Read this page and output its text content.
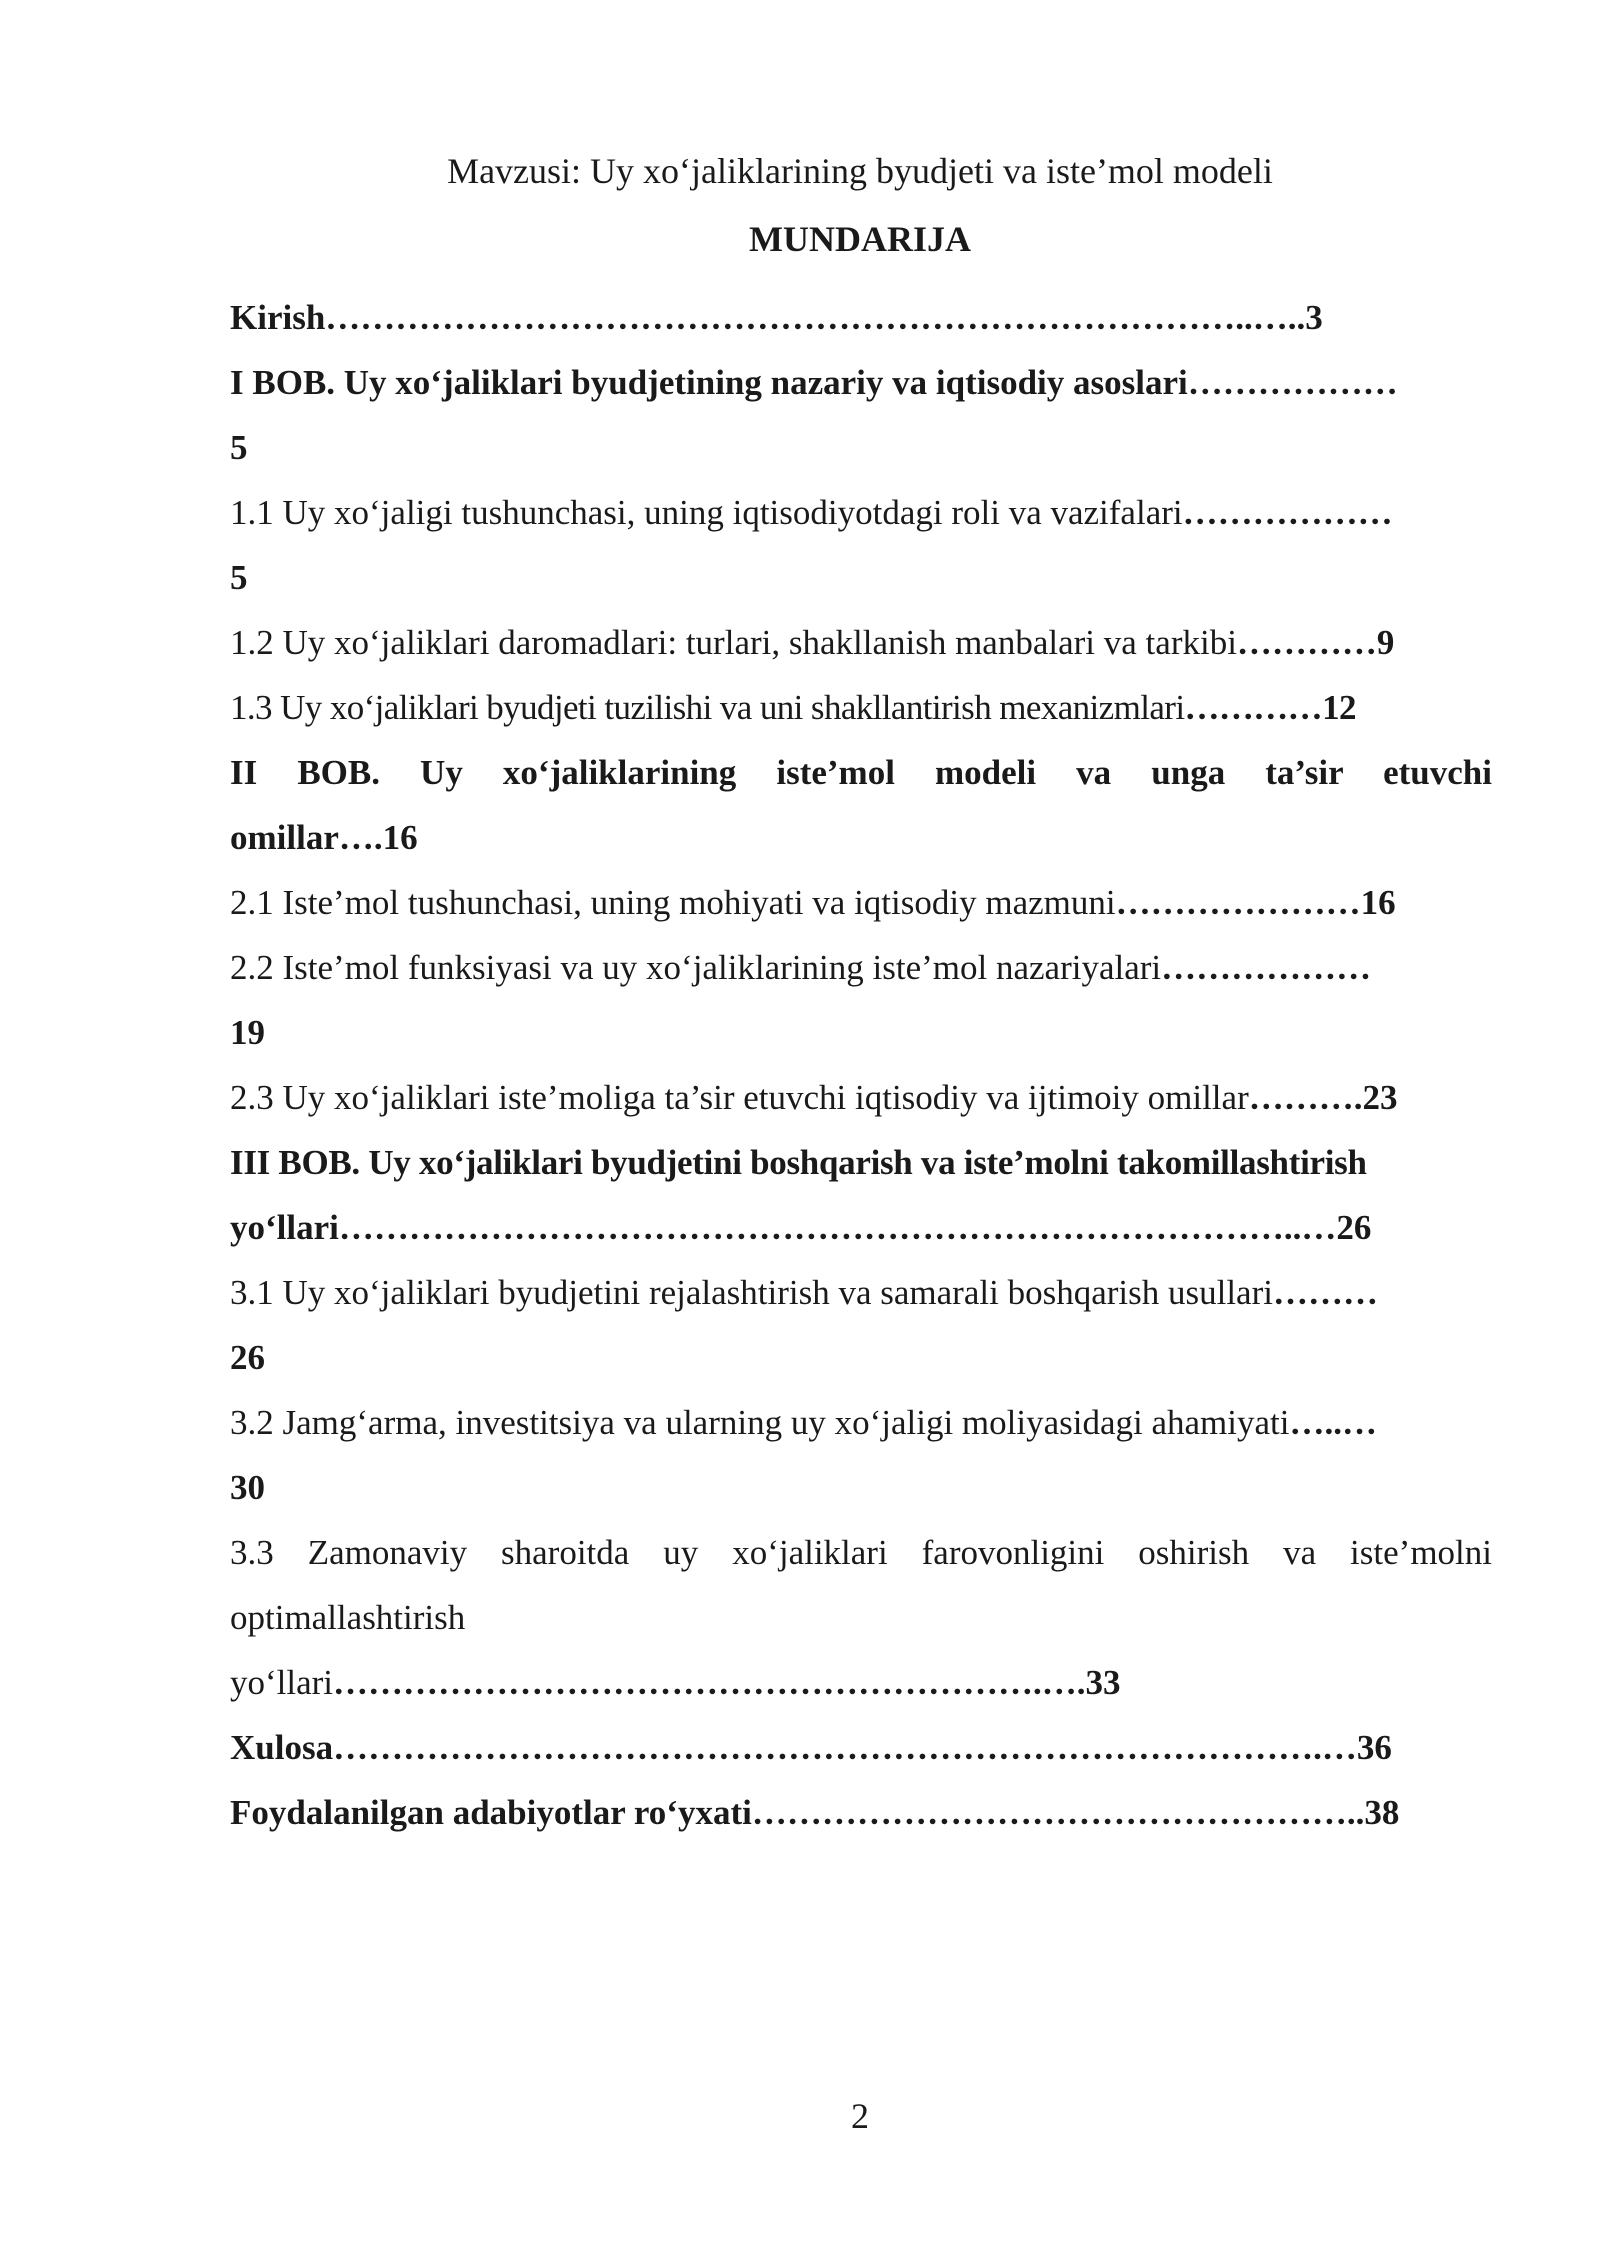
Mavzusi: Uy xo‘jaliklarining byudjeti va iste’mol modeli
MUNDARIJA
Kirish……………………………………………………………………..…..3
I BOB. Uy xo‘jaliklari byudjetining nazariy va iqtisodiy asoslari………………
5
1.1 Uy xo‘jaligi tushunchasi, uning iqtisodiyotdagi roli va vazifalari………………
5
1.2 Uy xo‘jaliklari daromadlari: turlari, shakllanish manbalari va tarkibi…………9
1.3 Uy xo‘jaliklari byudjeti tuzilishi va uni shakllantirish mexanizmlari…………12
II BOB. Uy xo‘jaliklarining iste’mol modeli va unga ta’sir etuvchi
omillar….16
2.1 Iste’mol tushunchasi, uning mohiyati va iqtisodiy mazmuni…………………16
2.2 Iste’mol funksiyasi va uy xo‘jaliklarining iste’mol nazariyalari………………
19
2.3 Uy xo‘jaliklari iste’moliga ta’sir etuvchi iqtisodiy va ijtimoiy omillar……….23
III BOB. Uy xo‘jaliklari byudjetini boshqarish va iste’molni takomillashtirish
yo‘llari………………………………………………………………………..…26
3.1 Uy xo‘jaliklari byudjetini rejalashtirish va samarali boshqarish usullari………
26
3.2 Jamg‘arma, investitsiya va ularning uy xo‘jaligi moliyasidagi ahamiyati…..…
30
3.3 Zamonaviy sharoitda uy xo‘jaliklari farovonligini oshirish va iste’molni
optimallashtirish
yo‘llari…………………………………………………….….33
Xulosa………………………………………………………………………….…36
Foydalanilgan adabiyotlar ro‘yxati……………………………………………..38
2
